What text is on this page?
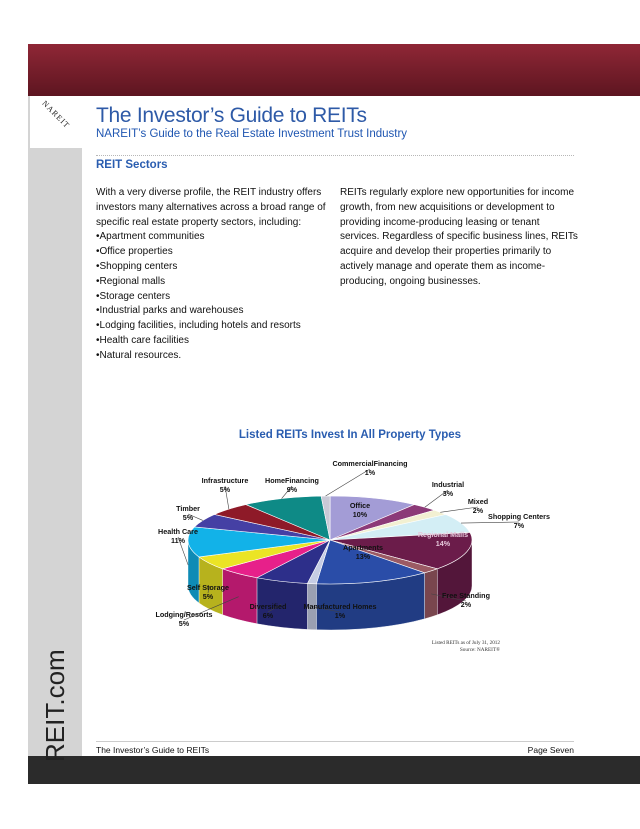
NAREIT
REIT.com
The Investor’s Guide to REITs
NAREIT’s Guide to the Real Estate Investment Trust Industry
REIT Sectors
With a very diverse profile, the REIT industry offers investors many alternatives across a broad range of specific real estate property sectors, including:
• Apartment communities
• Office properties
• Shopping centers
• Regional malls
• Storage centers
• Industrial parks and warehouses
• Lodging facilities, including hotels and resorts
• Health care facilities
• Natural resources.
REITs regularly explore new opportunities for income growth, from new acquisitions or development to providing income-producing leasing or tenant services. Regardless of specific business lines, REITs acquire and develop their properties primarily to actively manage and operate them as income-producing, ongoing businesses.
Listed REITs Invest In All Property Types
Office
10%
Industrial
3%
Mixed
2%
Shopping Centers
7%
Regional Malls
14%
Free Standing
2%
Apartments
13%
Manufactured Homes
1%
Diversified
6%
Lodging/Resorts
5%
Self Storage
5%
Health Care
11%
Timber
5%
Infrastructure
5%
HomeFinancing
9%
CommercialFinancing
1%
Listed REITs as of July 31, 2012
Source: NAREIT®
The Investor’s Guide to REITs	Page Seven
